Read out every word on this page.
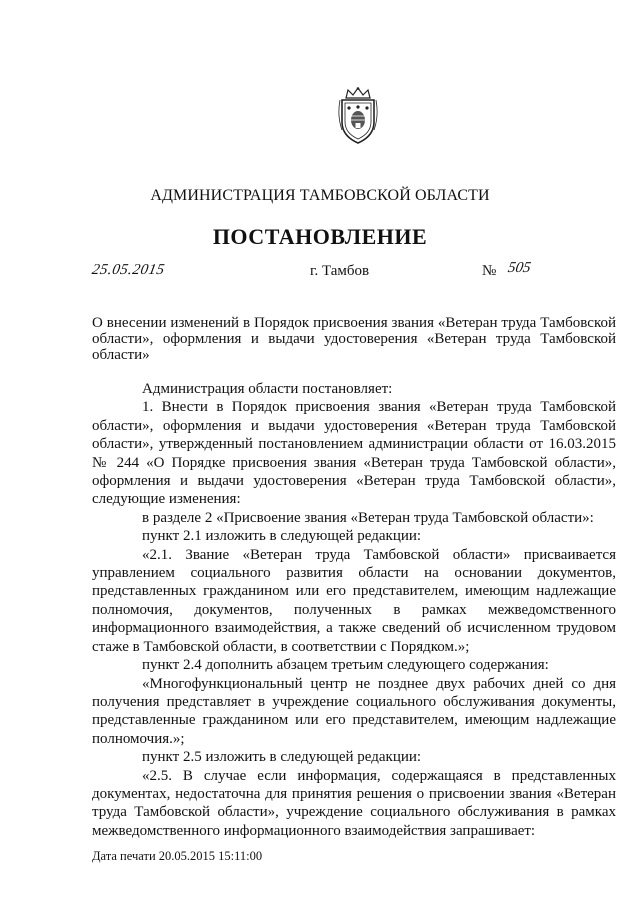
АДМИНИСТРАЦИЯ ТАМБОВСКОЙ ОБЛАСТИ
ПОСТАНОВЛЕНИЕ
25.05.2015	г. Тамбов	№ 505
О внесении изменений в Порядок присвоения звания «Ветеран труда Тамбовской области», оформления и выдачи удостоверения «Ветеран труда Тамбовской области»

Администрация области постановляет:

1. Внести в Порядок присвоения звания «Ветеран труда Тамбовской области», оформления и выдачи удостоверения «Ветеран труда Тамбовской области», утвержденный постановлением администрации области от 16.03.2015 № 244 «О Порядке присвоения звания «Ветеран труда Тамбовской области», оформления и выдачи удостоверения «Ветеран труда Тамбовской области», следующие изменения:

в разделе 2 «Присвоение звания «Ветеран труда Тамбовской области»:

пункт 2.1 изложить в следующей редакции:

«2.1. Звание «Ветеран труда Тамбовской области» присваивается управлением социального развития области на основании документов, представленных гражданином или его представителем, имеющим надлежащие полномочия, документов, полученных в рамках межведомственного информационного взаимодействия, а также сведений об исчисленном трудовом стаже в Тамбовской области, в соответствии с Порядком.»;

пункт 2.4 дополнить абзацем третьим следующего содержания:

«Многофункциональный центр не позднее двух рабочих дней со дня получения представляет в учреждение социального обслуживания документы, представленные гражданином или его представителем, имеющим надлежащие полномочия.»;

пункт 2.5 изложить в следующей редакции:

«2.5. В случае если информация, содержащаяся в представленных документах, недостаточна для принятия решения о присвоении звания «Ветеран труда Тамбовской области», учреждение социального обслуживания в рамках межведомственного информационного взаимодействия запрашивает:

Дата печати 20.05.2015 15:11:00
